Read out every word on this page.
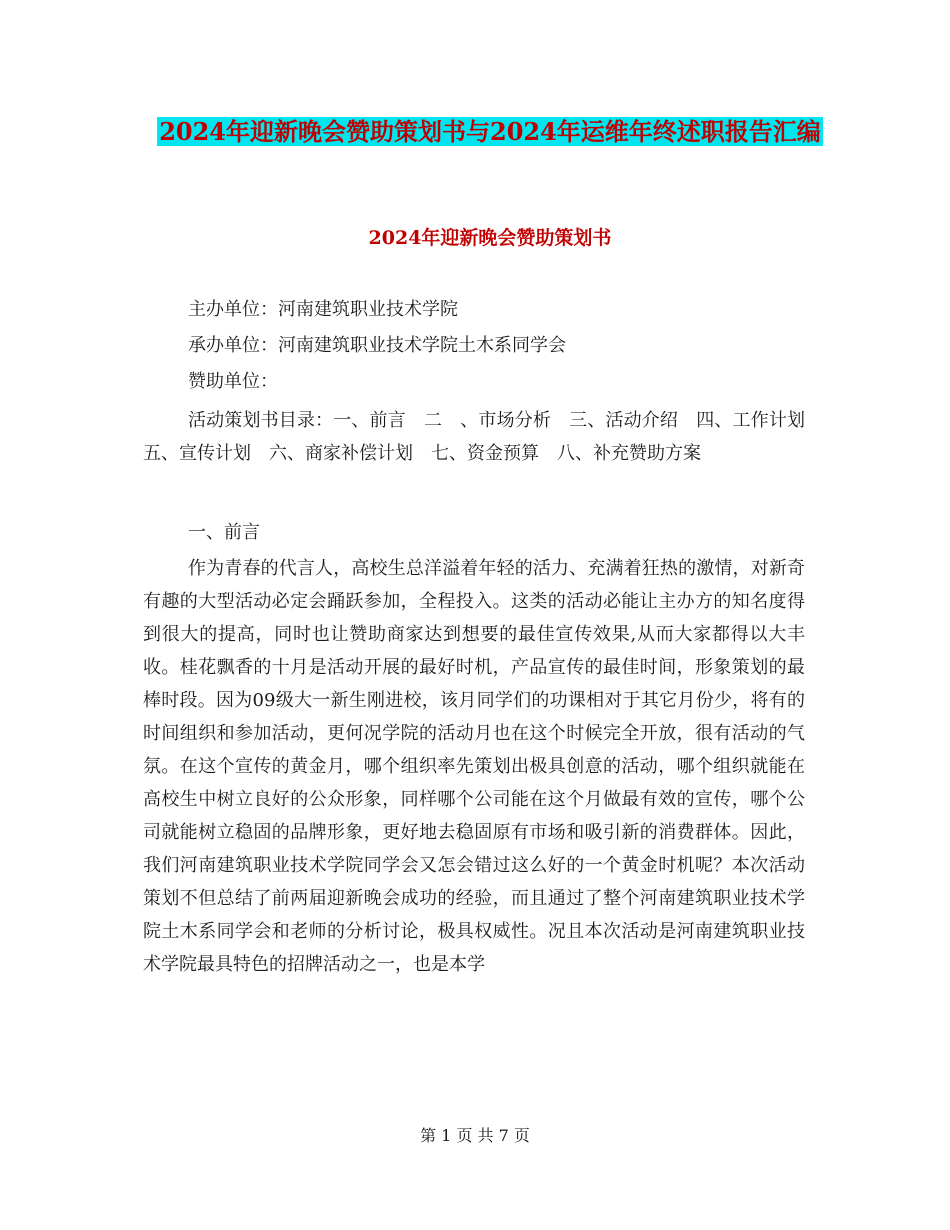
2024年迎新晚会赞助策划书与2024年运维年终述职报告汇编
2024年迎新晚会赞助策划书
主办单位：河南建筑职业技术学院
承办单位：河南建筑职业技术学院土木系同学会
赞助单位：
活动策划书目录：一、前言　二　、市场分析　三、活动介绍　四、工作计划五、宣传计划　六、商家补偿计划　七、资金预算　八、补充赞助方案
一、前言
作为青春的代言人，高校生总洋溢着年轻的活力、充满着狂热的激情，对新奇有趣的大型活动必定会踊跃参加，全程投入。这类的活动必能让主办方的知名度得到很大的提高，同时也让赞助商家达到想要的最佳宣传效果,从而大家都得以大丰收。桂花飘香的十月是活动开展的最好时机，产品宣传的最佳时间，形象策划的最棒时段。因为09级大一新生刚进校，该月同学们的功课相对于其它月份少，将有的时间组织和参加活动，更何况学院的活动月也在这个时候完全开放，很有活动的气氛。在这个宣传的黄金月，哪个组织率先策划出极具创意的活动，哪个组织就能在高校生中树立良好的公众形象，同样哪个公司能在这个月做最有效的宣传，哪个公司就能树立稳固的品牌形象，更好地去稳固原有市场和吸引新的消费群体。因此，我们河南建筑职业技术学院同学会又怎会错过这么好的一个黄金时机呢？本次活动策划不但总结了前两届迎新晚会成功的经验，而且通过了整个河南建筑职业技术学院土木系同学会和老师的分析讨论，极具权威性。况且本次活动是河南建筑职业技术学院最具特色的招牌活动之一，也是本学
第 1 页 共 7 页
